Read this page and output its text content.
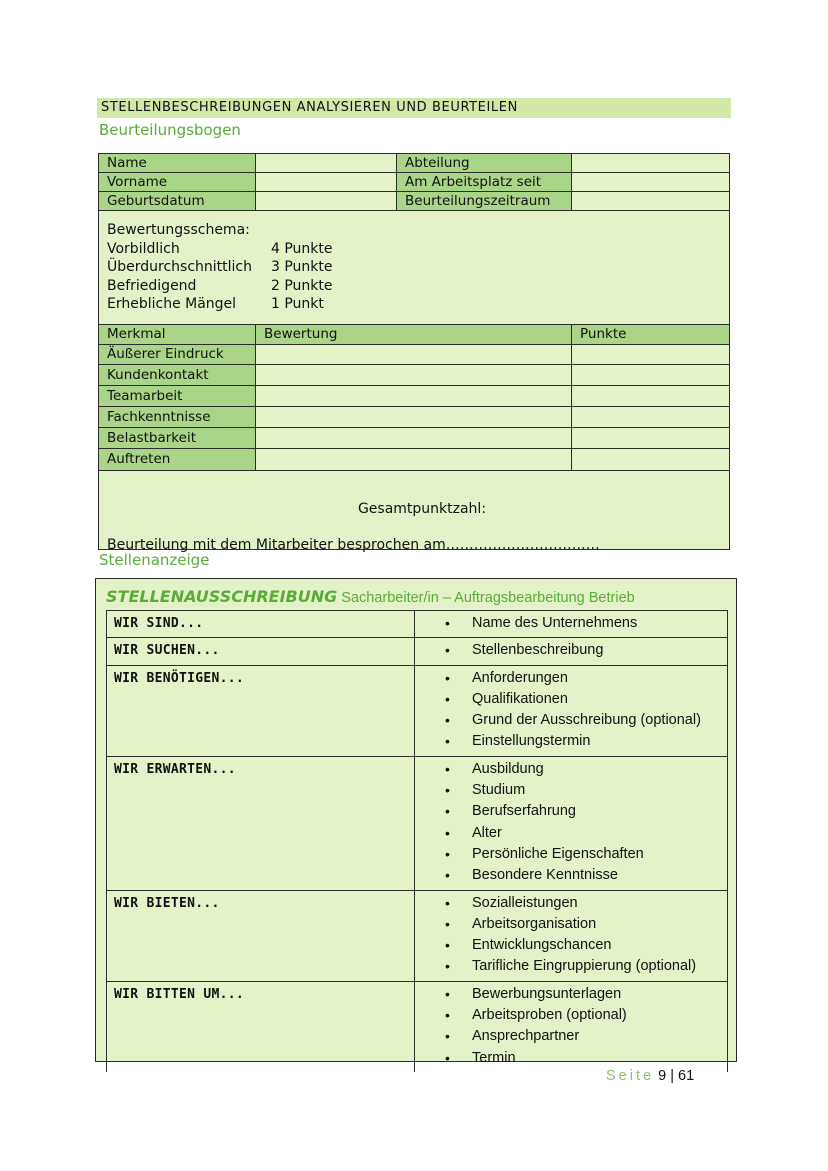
STELLENBESCHREIBUNGEN ANALYSIEREN UND BEURTEILEN
Beurteilungsbogen
Name	Abteilung
Vorname	Am Arbeitsplatz seit
Geburtsdatum	Beurteilungszeitraum
Bewertungsschema:
Vorbildlich	4 Punkte
Überdurchschnittlich	3 Punkte
Befriedigend	2 Punkte
Erhebliche Mängel	1 Punkt
Merkmal	Bewertung	Punkte
Äußerer Eindruck
Kundenkontakt
Teamarbeit
Fachkenntnisse
Belastbarkeit
Auftreten
Gesamtpunktzahl:
Beurteilung mit dem Mitarbeiter besprochen am……………………………
Stellenanzeige
STELLENAUSSCHREIBUNG Sacharbeiter/in – Auftragsbearbeitung Betrieb
WIR SIND...	• Name des Unternehmens
WIR SUCHEN...	• Stellenbeschreibung
WIR BENÖTIGEN...	• Anforderungen
• Qualifikationen
• Grund der Ausschreibung (optional)
• Einstellungstermin
WIR ERWARTEN...	• Ausbildung
• Studium
• Berufserfahrung
• Alter
• Persönliche Eigenschaften
• Besondere Kenntnisse
WIR BIETEN...	• Sozialleistungen
• Arbeitsorganisation
• Entwicklungschancen
• Tarifliche Eingruppierung (optional)
WIR BITTEN UM...	• Bewerbungsunterlagen
• Arbeitsproben (optional)
• Ansprechpartner
• Termin
Seite 9 | 61
